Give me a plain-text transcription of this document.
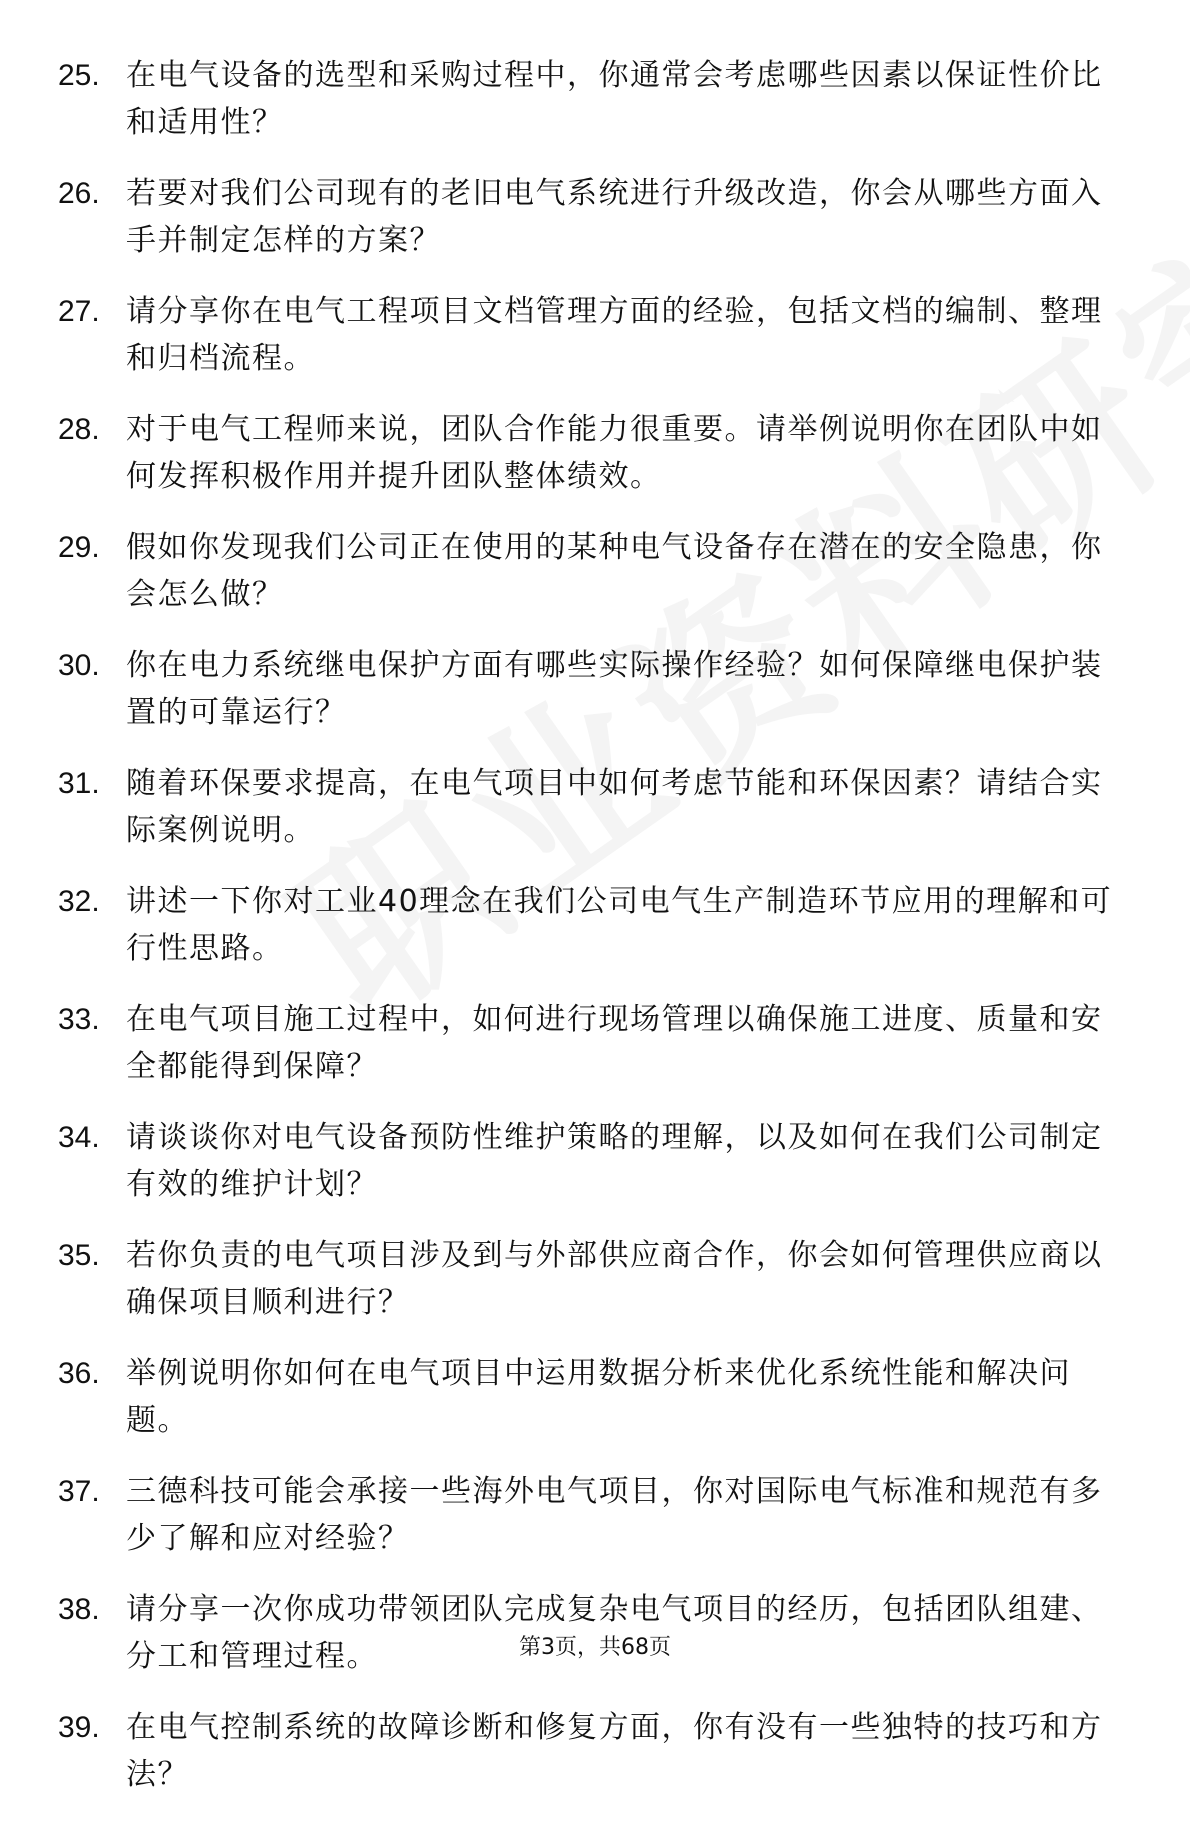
25. 在电气设备的选型和采购过程中，你通常会考虑哪些因素以保证性价比和适用性？
26. 若要对我们公司现有的老旧电气系统进行升级改造，你会从哪些方面入手并制定怎样的方案？
27. 请分享你在电气工程项目文档管理方面的经验，包括文档的编制、整理和归档流程。
28. 对于电气工程师来说，团队合作能力很重要。请举例说明你在团队中如何发挥积极作用并提升团队整体绩效。
29. 假如你发现我们公司正在使用的某种电气设备存在潜在的安全隐患，你会怎么做？
30. 你在电力系统继电保护方面有哪些实际操作经验？如何保障继电保护装置的可靠运行？
31. 随着环保要求提高，在电气项目中如何考虑节能和环保因素？请结合实际案例说明。
32. 讲述一下你对工业40理念在我们公司电气生产制造环节应用的理解和可行性思路。
33. 在电气项目施工过程中，如何进行现场管理以确保施工进度、质量和安全都能得到保障？
34. 请谈谈你对电气设备预防性维护策略的理解，以及如何在我们公司制定有效的维护计划？
35. 若你负责的电气项目涉及到与外部供应商合作，你会如何管理供应商以确保项目顺利进行？
36. 举例说明你如何在电气项目中运用数据分析来优化系统性能和解决问题。
37. 三德科技可能会承接一些海外电气项目，你对国际电气标准和规范有多少了解和应对经验？
38. 请分享一次你成功带领团队完成复杂电气项目的经历，包括团队组建、分工和管理过程。
39. 在电气控制系统的故障诊断和修复方面，你有没有一些独特的技巧和方法？
第3页，共68页
